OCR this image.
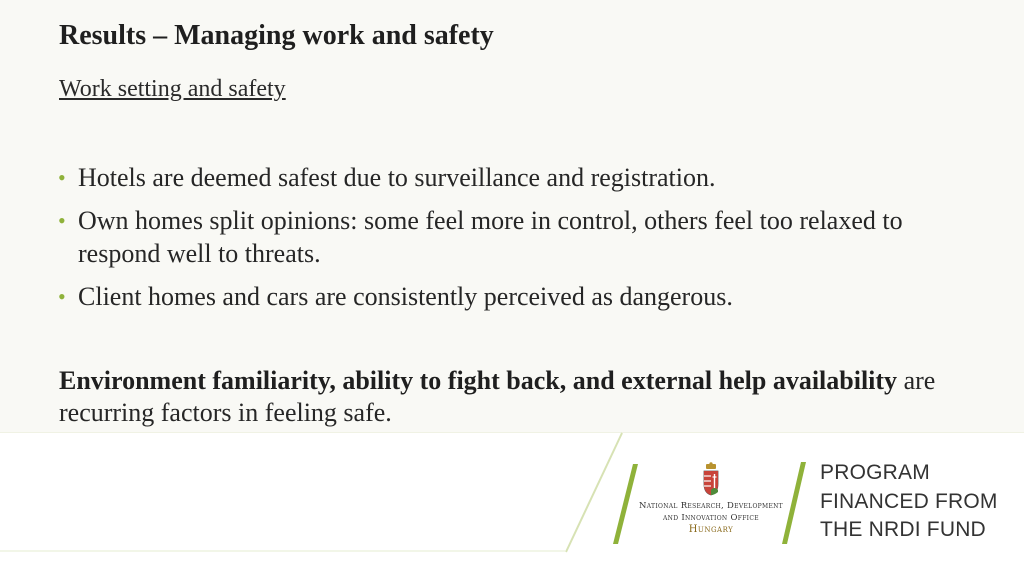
Results – Managing work and safety
Work setting and safety
• Hotels are deemed safest due to surveillance and registration.
• Own homes split opinions: some feel more in control, others feel too relaxed to respond well to threats.
• Client homes and cars are consistently perceived as dangerous.
Environment familiarity, ability to fight back, and external help availability are recurring factors in feeling safe.
National Research, Development
and Innovation Office
Hungary
PROGRAM
FINANCED FROM
THE NRDI FUND
